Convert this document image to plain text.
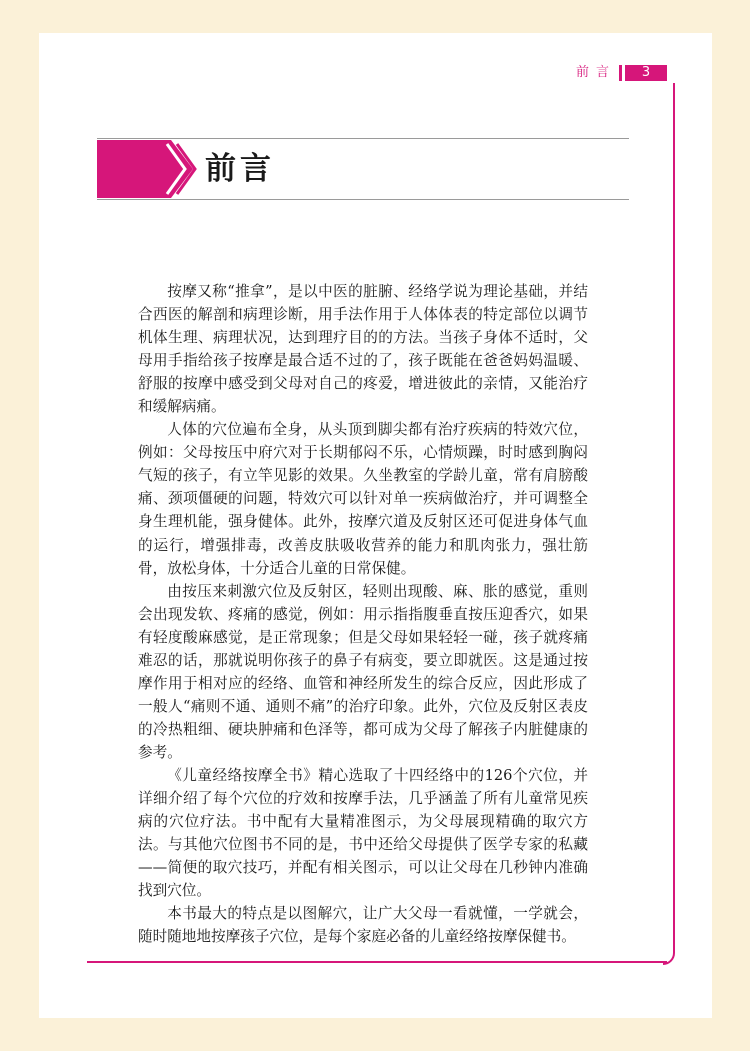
前言	3
前言

按摩又称“推拿”，是以中医的脏腑、经络学说为理论基础，并结合西医的解剖和病理诊断，用手法作用于人体体表的特定部位以调节机体生理、病理状况，达到理疗目的的方法。当孩子身体不适时，父母用手指给孩子按摩是最合适不过的了，孩子既能在爸爸妈妈温暖、舒服的按摩中感受到父母对自己的疼爱，增进彼此的亲情，又能治疗和缓解病痛。

人体的穴位遍布全身，从头顶到脚尖都有治疗疾病的特效穴位，例如：父母按压中府穴对于长期郁闷不乐，心情烦躁，时时感到胸闷气短的孩子，有立竿见影的效果。久坐教室的学龄儿童，常有肩膀酸痛、颈项僵硬的问题，特效穴可以针对单一疾病做治疗，并可调整全身生理机能，强身健体。此外，按摩穴道及反射区还可促进身体气血的运行，增强排毒，改善皮肤吸收营养的能力和肌肉张力，强壮筋骨，放松身体，十分适合儿童的日常保健。

由按压来刺激穴位及反射区，轻则出现酸、麻、胀的感觉，重则会出现发软、疼痛的感觉，例如：用示指指腹垂直按压迎香穴，如果有轻度酸麻感觉，是正常现象；但是父母如果轻轻一碰，孩子就疼痛难忍的话，那就说明你孩子的鼻子有病变，要立即就医。这是通过按摩作用于相对应的经络、血管和神经所发生的综合反应，因此形成了一般人“痛则不通、通则不痛”的治疗印象。此外，穴位及反射区表皮的冷热粗细、硬块肿痛和色泽等，都可成为父母了解孩子内脏健康的参考。

《儿童经络按摩全书》精心选取了十四经络中的126个穴位，并详细介绍了每个穴位的疗效和按摩手法，几乎涵盖了所有儿童常见疾病的穴位疗法。书中配有大量精准图示，为父母展现精确的取穴方法。与其他穴位图书不同的是，书中还给父母提供了医学专家的私藏——简便的取穴技巧，并配有相关图示，可以让父母在几秒钟内准确找到穴位。

本书最大的特点是以图解穴，让广大父母一看就懂，一学就会，随时随地地按摩孩子穴位，是每个家庭必备的儿童经络按摩保健书。
